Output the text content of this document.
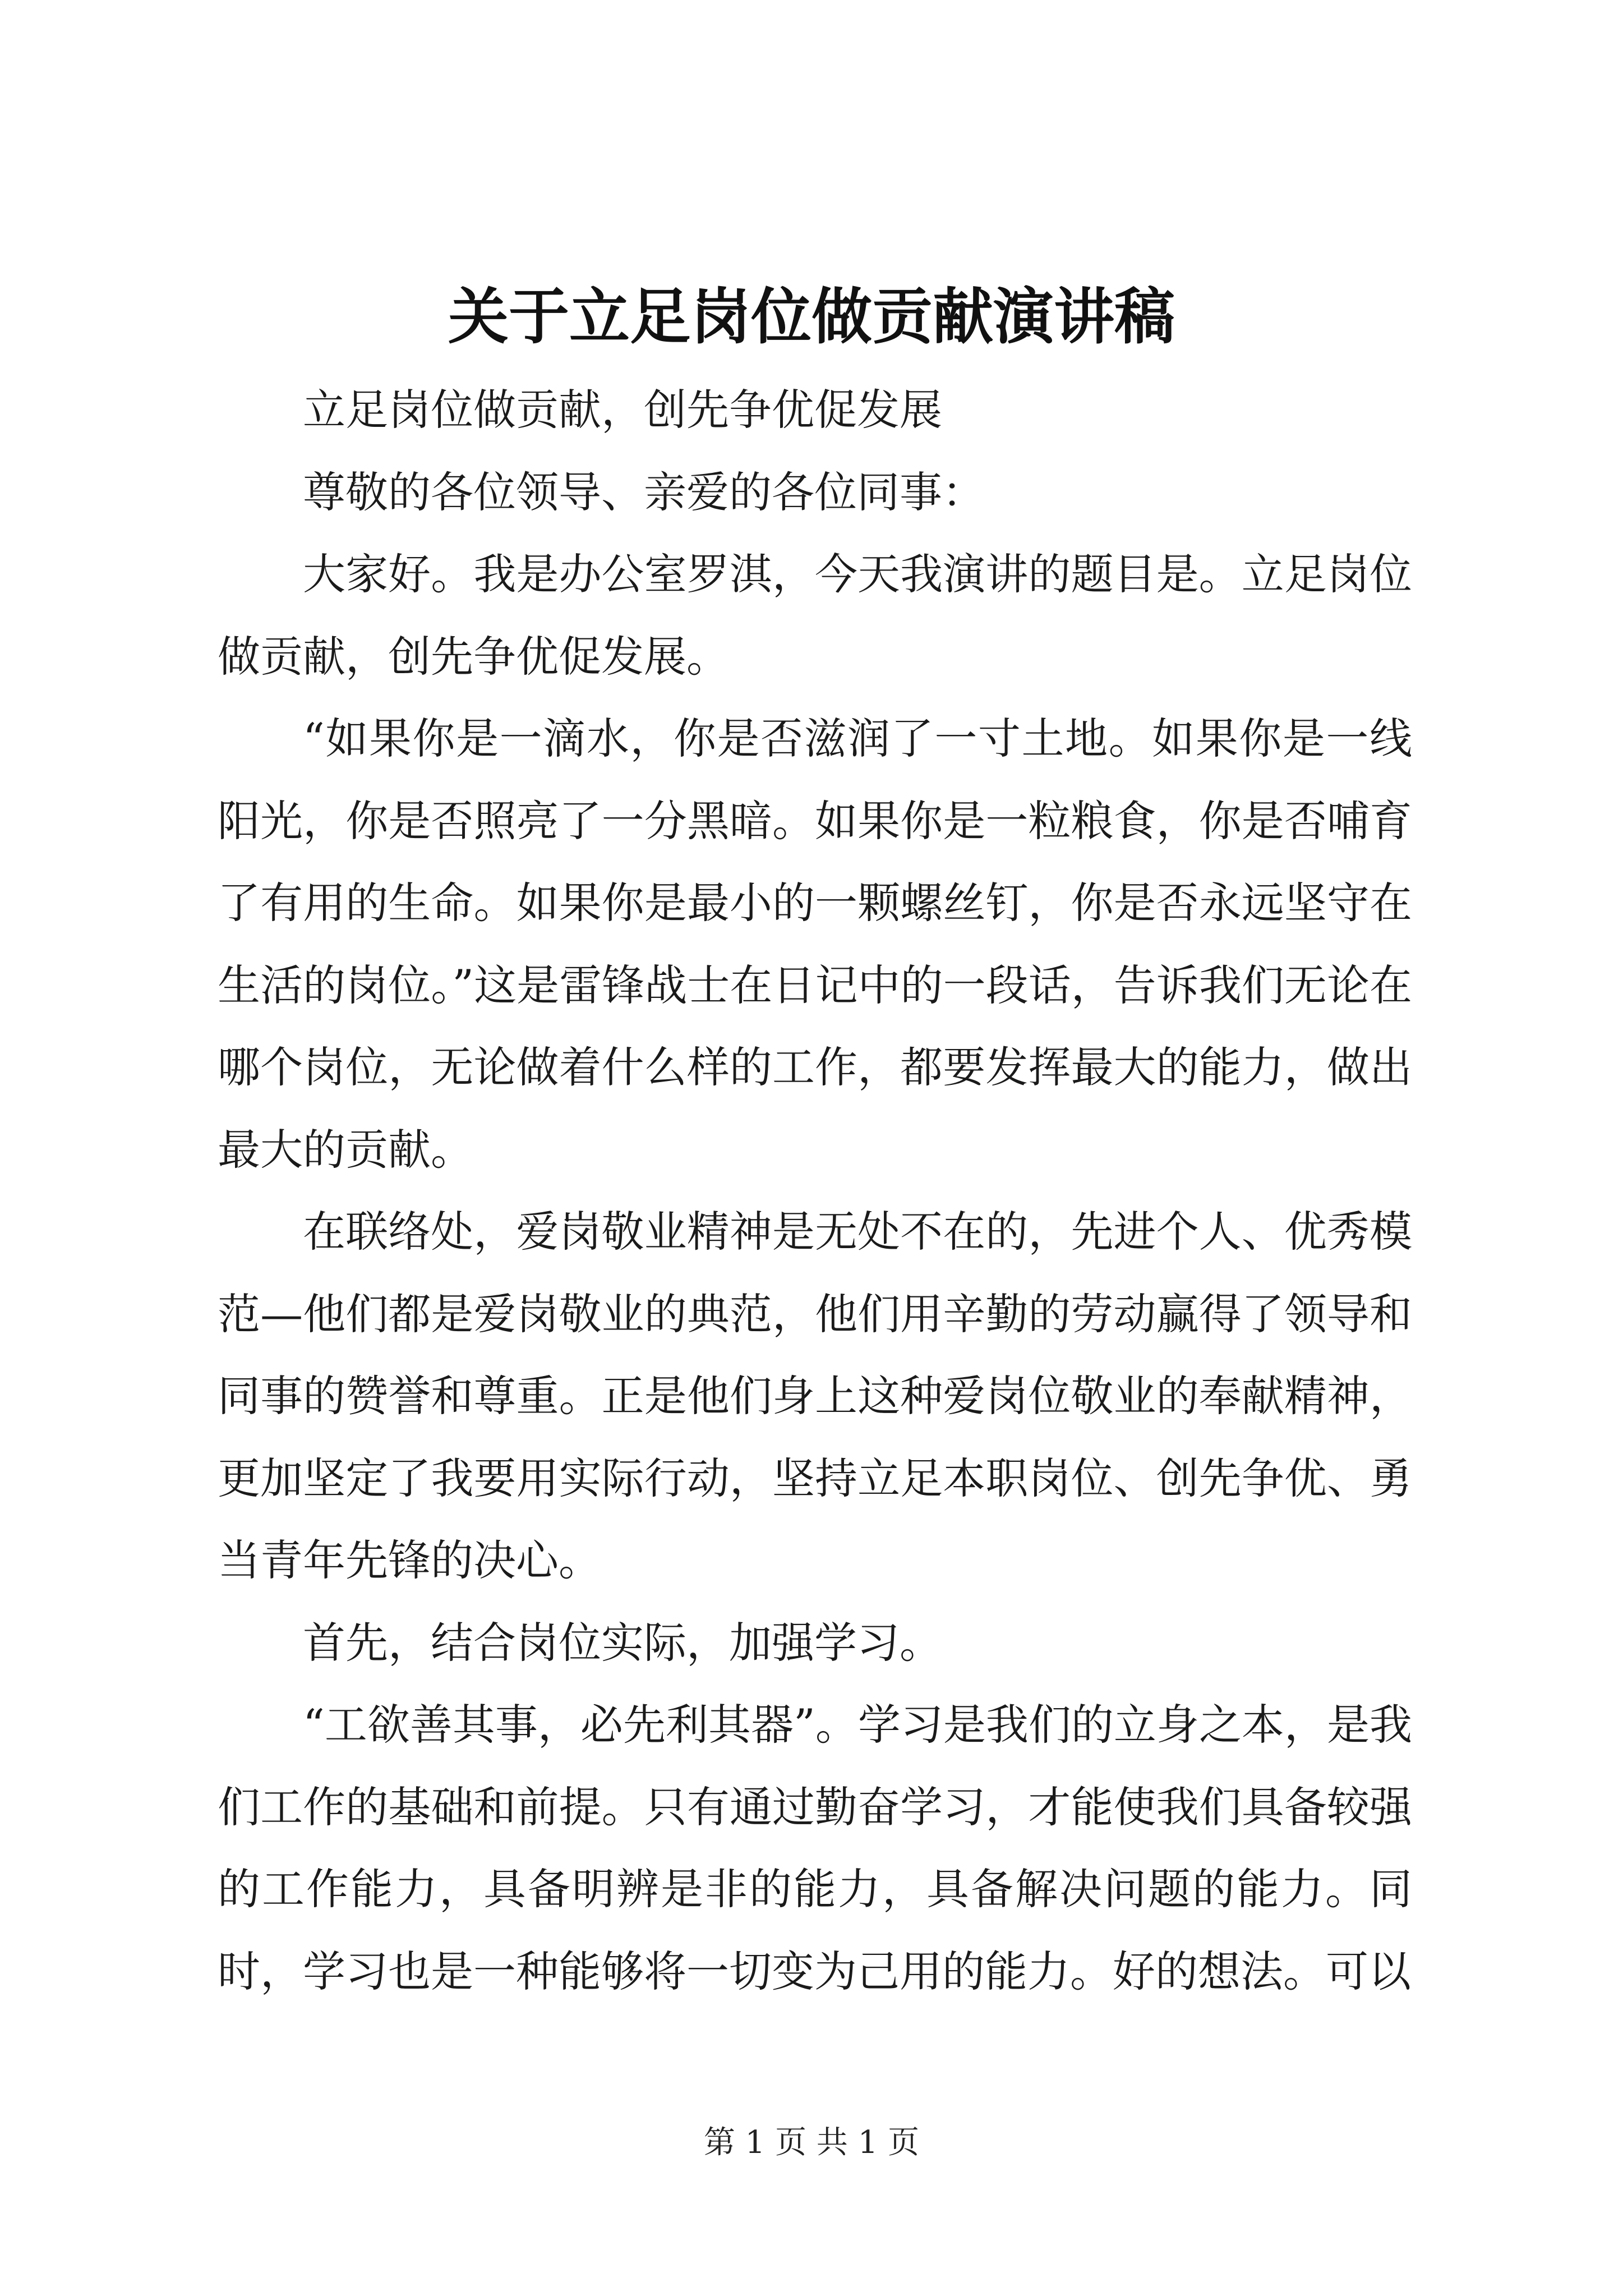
关于立足岗位做贡献演讲稿

立足岗位做贡献，创先争优促发展

尊敬的各位领导、亲爱的各位同事：

大家好。我是办公室罗淇，今天我演讲的题目是。立足岗位做贡献，创先争优促发展。

“如果你是一滴水，你是否滋润了一寸土地。如果你是一线阳光，你是否照亮了一分黑暗。如果你是一粒粮食，你是否哺育了有用的生命。如果你是最小的一颗螺丝钉，你是否永远坚守在生活的岗位。”这是雷锋战士在日记中的一段话，告诉我们无论在哪个岗位，无论做着什么样的工作，都要发挥最大的能力，做出最大的贡献。

在联络处，爱岗敬业精神是无处不在的，先进个人、优秀模范—他们都是爱岗敬业的典范，他们用辛勤的劳动赢得了领导和同事的赞誉和尊重。正是他们身上这种爱岗位敬业的奉献精神，更加坚定了我要用实际行动，坚持立足本职岗位、创先争优、勇当青年先锋的决心。

首先，结合岗位实际，加强学习。

“工欲善其事，必先利其器”。学习是我们的立身之本，是我们工作的基础和前提。只有通过勤奋学习，才能使我们具备较强的工作能力，具备明辨是非的能力，具备解决问题的能力。同时，学习也是一种能够将一切变为己用的能力。好的想法。可以

第 1 页 共 1 页
